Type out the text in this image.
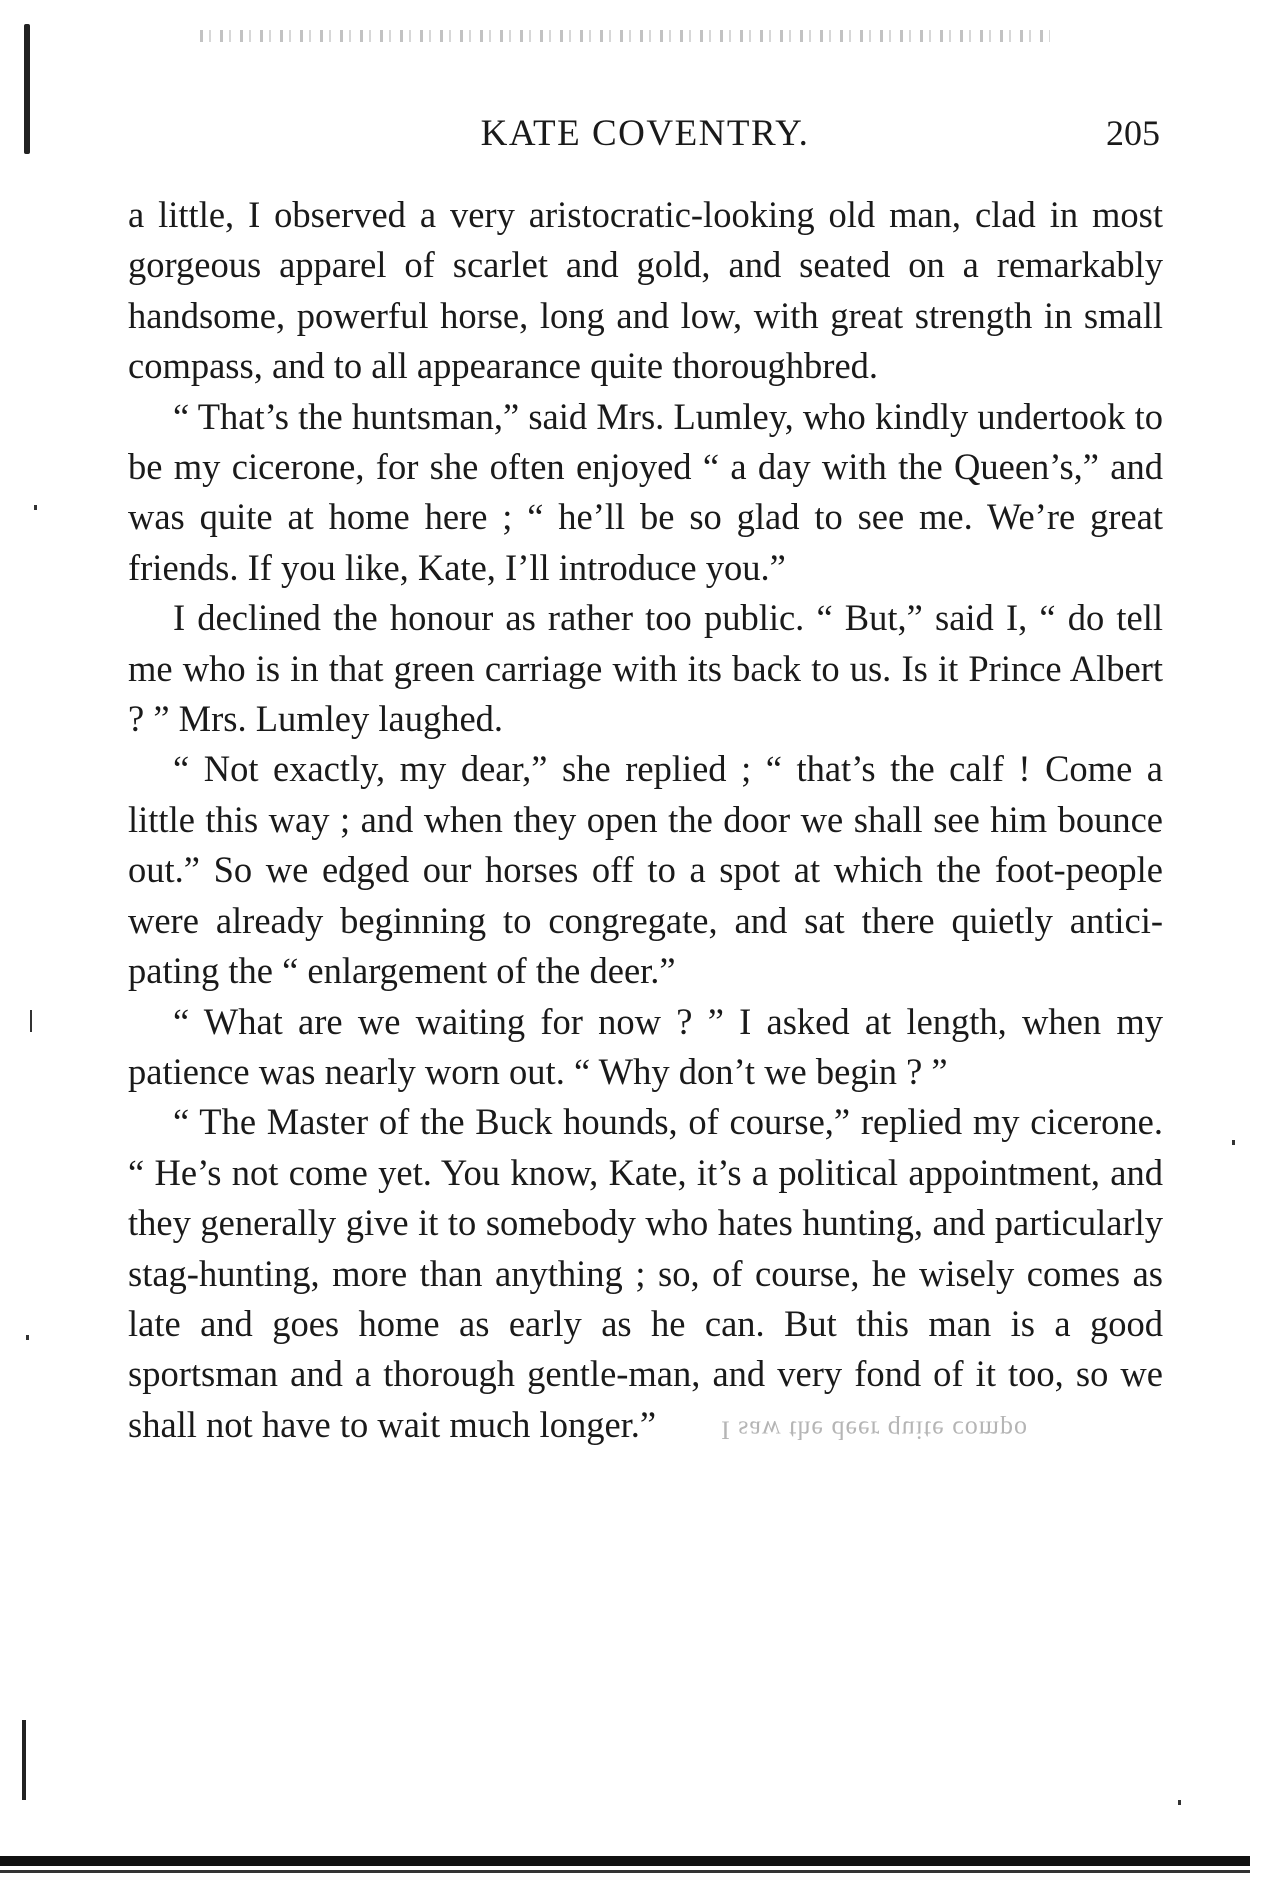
KATE COVENTRY.	205

a little, I observed a very aristocratic-looking old man, clad in most gorgeous apparel of scarlet and gold, and seated on a remarkably handsome, powerful horse, long and low, with great strength in small compass, and to all appearance quite thoroughbred.

“ That’s the huntsman,” said Mrs. Lumley, who kindly undertook to be my cicerone, for she often enjoyed “ a day with the Queen’s,” and was quite at home here ; “ he’ll be so glad to see me. We’re great friends. If you like, Kate, I’ll introduce you.”

I declined the honour as rather too public. “ But,” said I, “ do tell me who is in that green carriage with its back to us. Is it Prince Albert ? ” Mrs. Lumley laughed.

“ Not exactly, my dear,” she replied ; “ that’s the calf ! Come a little this way ; and when they open the door we shall see him bounce out.” So we edged our horses off to a spot at which the foot-people were already beginning to congregate, and sat there quietly antici-pating the “ enlargement of the deer.”

“ What are we waiting for now ? ” I asked at length, when my patience was nearly worn out. “ Why don’t we begin ? ”

“ The Master of the Buck hounds, of course,” replied my cicerone. “ He’s not come yet. You know, Kate, it’s a political appointment, and they generally give it to somebody who hates hunting, and particularly stag-hunting, more than anything ; so, of course, he wisely comes as late and goes home as early as he can. But this man is a good sportsman and a thorough gentle-man, and very fond of it too, so we shall not have to wait much longer.”	I saw the deer quite compo
